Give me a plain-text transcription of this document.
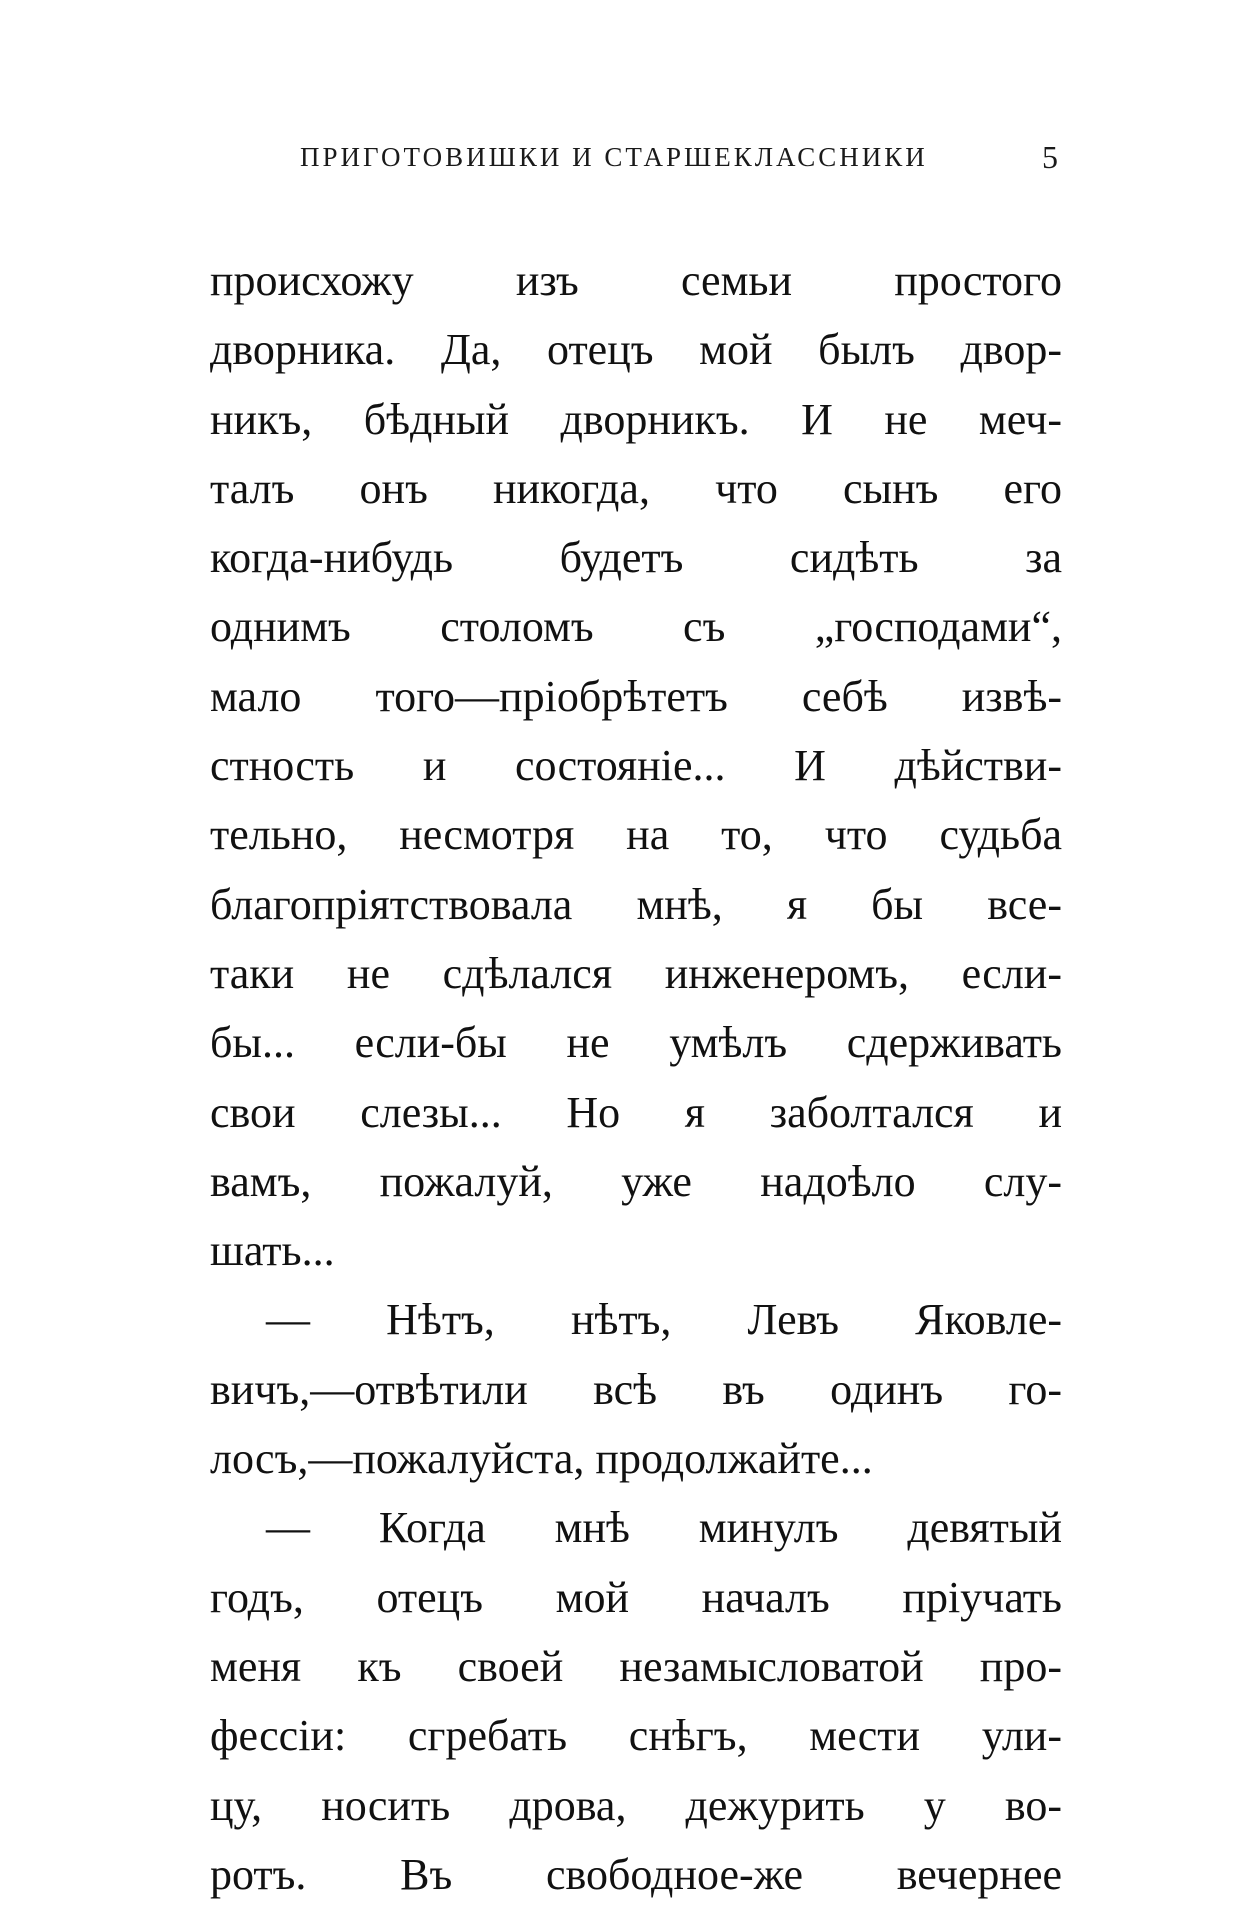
ПРИГОТОВИШКИ И СТАРШЕКЛАССНИКИ	5
происхожу изъ семьи простого
дворника. Да, отецъ мой былъ двор-
никъ, бѣдный дворникъ. И не меч-
талъ онъ никогда, что сынъ его
когда-нибудь будетъ сидѣть за
однимъ столомъ съ „господами“,
мало того—пріобрѣтетъ себѣ извѣ-
стность и состояніе... И дѣйстви-
тельно, несмотря на то, что судьба
благопріятствовала мнѣ, я бы все-
таки не сдѣлался инженеромъ, если-
бы... если-бы не умѣлъ сдерживать
свои слезы... Но я заболтался и
вамъ, пожалуй, уже надоѣло слу-
шать...
— Нѣтъ, нѣтъ, Левъ Яковле-
вичъ,—отвѣтили всѣ въ одинъ го-
лосъ,—пожалуйста, продолжайте...
— Когда мнѣ минулъ девятый
годъ, отецъ мой началъ пріучать
меня къ своей незамысловатой про-
фессіи: сгребать снѣгъ, мести ули-
цу, носить дрова, дежурить у во-
ротъ. Въ свободное-же вечернее
